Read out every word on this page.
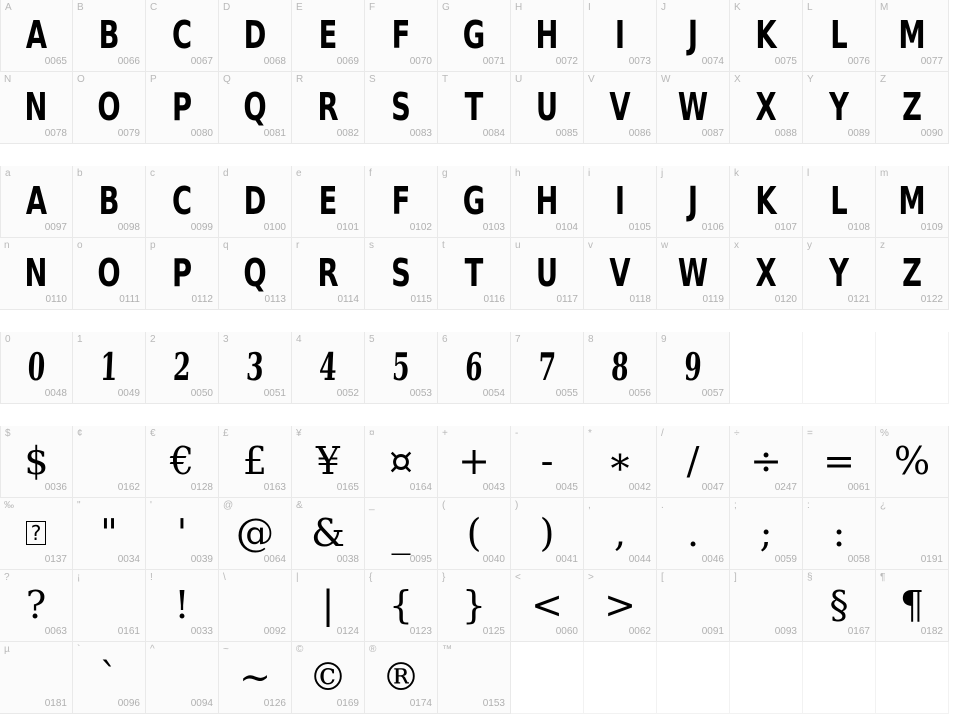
A
A
0065
B
B
0066
C
C
0067
D
D
0068
E
E
0069
F
F
0070
G
G
0071
H
H
0072
I
I
0073
J
J
0074
K
K
0075
L
L
0076
M
M
0077
N
N
0078
O
O
0079
P
P
0080
Q
Q
0081
R
R
0082
S
S
0083
T
T
0084
U
U
0085
V
V
0086
W
W
0087
X
X
0088
Y
Y
0089
Z
Z
0090
a
A
0097
b
B
0098
c
C
0099
d
D
0100
e
E
0101
f
F
0102
g
G
0103
h
H
0104
i
I
0105
j
J
0106
k
K
0107
l
L
0108
m
M
0109
n
N
0110
o
O
0111
p
P
0112
q
Q
0113
r
R
0114
s
S
0115
t
T
0116
u
U
0117
v
V
0118
w
W
0119
x
X
0120
y
Y
0121
z
Z
0122
0
0
0048
1
1
0049
2
2
0050
3
3
0051
4
4
0052
5
5
0053
6
6
0054
7
7
0055
8
8
0056
9
9
0057
$
$
0036
¢
0162
€
€
0128
£
£
0163
¥
¥
0165
¤
¤
0164
+
+
0043
-
-
0045
*
∗
0042
/
/
0047
÷
÷
0247
=
=
0061
%
%
‰
?
0137
"
"
0034
'
'
0039
@
@
0064
&
&
0038
_
_
0095
(
(
0040
)
)
0041
,
,
0044
.
.
0046
;
;
0059
:
:
0058
¿
0191
?
?
0063
¡
0161
!
!
0033
\
0092
|
|
0124
{
{
0123
}
}
0125
<
<
0060
>
>
0062
[
0091
]
0093
§
§
0167
¶
¶
0182
µ
0181
`
`
0096
^
0094
~
~
0126
©
©
0169
®
®
0174
™
0153
